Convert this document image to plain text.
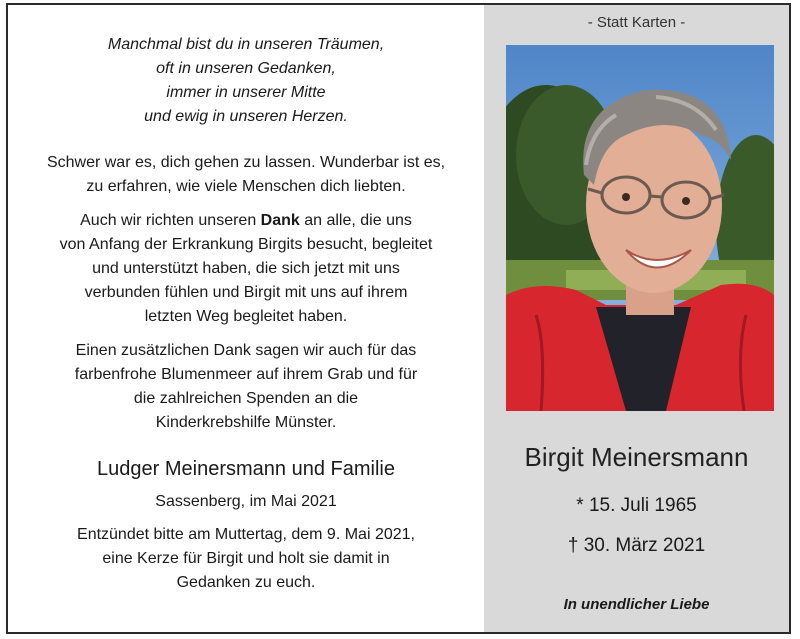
Manchmal bist du in unseren Träumen,
oft in unseren Gedanken,
immer in unserer Mitte
und ewig in unseren Herzen.
Schwer war es, dich gehen zu lassen. Wunderbar ist es,
zu erfahren, wie viele Menschen dich liebten.
Auch wir richten unseren Dank an alle, die uns
von Anfang der Erkrankung Birgits besucht, begleitet
und unterstützt haben, die sich jetzt mit uns
verbunden fühlen und Birgit mit uns auf ihrem
letzten Weg begleitet haben.
Einen zusätzlichen Dank sagen wir auch für das
farbenfrohe Blumenmeer auf ihrem Grab und für
die zahlreichen Spenden an die
Kinderkrebshilfe Münster.
Ludger Meinersmann und Familie
Sassenberg, im Mai 2021
Entzündet bitte am Muttertag, dem 9. Mai 2021,
eine Kerze für Birgit und holt sie damit in
Gedanken zu euch.
- Statt Karten -
Birgit Meinersmann
* 15. Juli 1965
† 30. März 2021
In unendlicher Liebe
